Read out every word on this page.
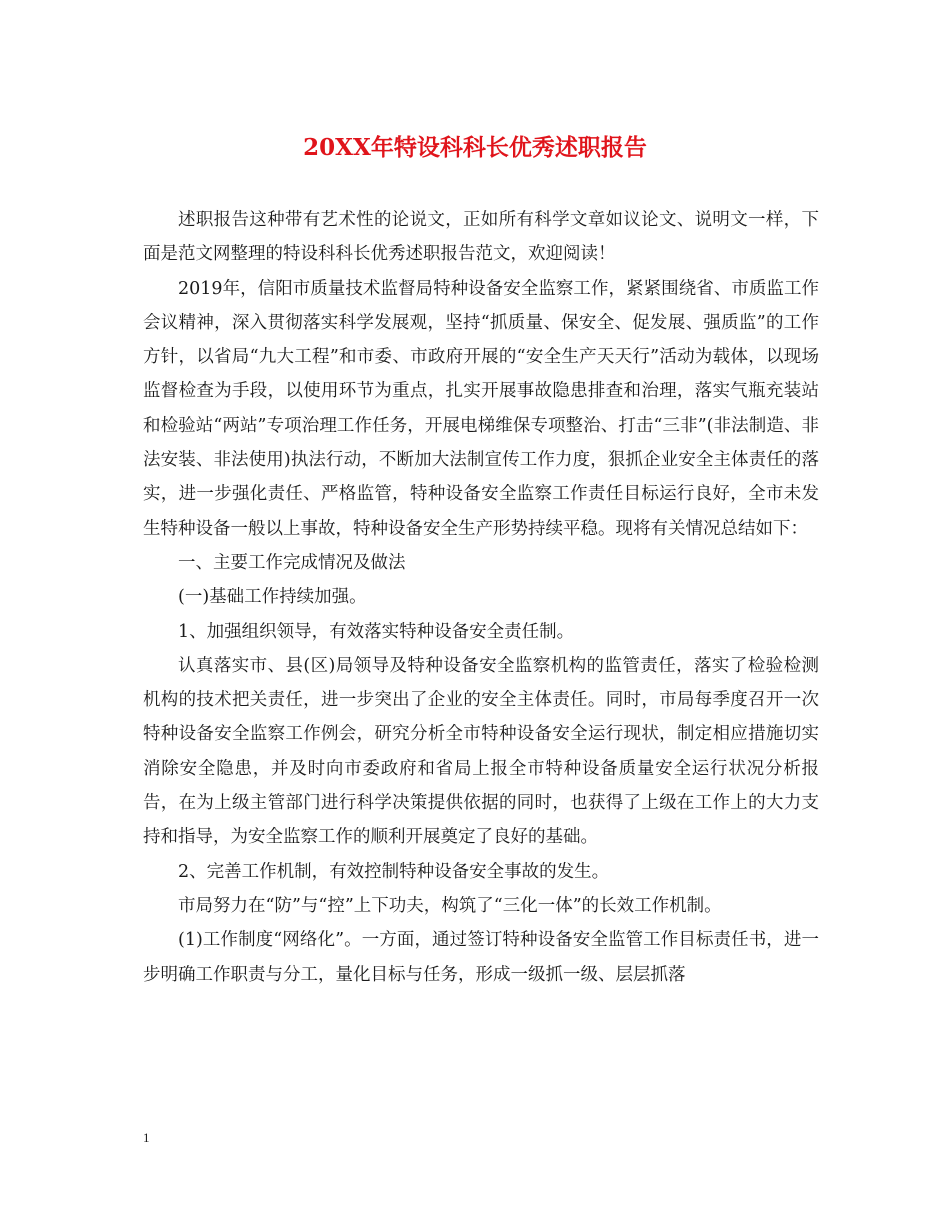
20XX年特设科科长优秀述职报告

述职报告这种带有艺术性的论说文，正如所有科学文章如议论文、说明文一样，下面是范文网整理的特设科科长优秀述职报告范文，欢迎阅读！

2019年，信阳市质量技术监督局特种设备安全监察工作，紧紧围绕省、市质监工作会议精神，深入贯彻落实科学发展观，坚持“抓质量、保安全、促发展、强质监”的工作方针，以省局“九大工程”和市委、市政府开展的“安全生产天天行”活动为载体，以现场监督检查为手段，以使用环节为重点，扎实开展事故隐患排查和治理，落实气瓶充装站和检验站“两站”专项治理工作任务，开展电梯维保专项整治、打击“三非”(非法制造、非法安装、非法使用)执法行动，不断加大法制宣传工作力度，狠抓企业安全主体责任的落实，进一步强化责任、严格监管，特种设备安全监察工作责任目标运行良好，全市未发生特种设备一般以上事故，特种设备安全生产形势持续平稳。现将有关情况总结如下：

一、主要工作完成情况及做法

(一)基础工作持续加强。

1、加强组织领导，有效落实特种设备安全责任制。

认真落实市、县(区)局领导及特种设备安全监察机构的监管责任，落实了检验检测机构的技术把关责任，进一步突出了企业的安全主体责任。同时，市局每季度召开一次特种设备安全监察工作例会，研究分析全市特种设备安全运行现状，制定相应措施切实消除安全隐患，并及时向市委政府和省局上报全市特种设备质量安全运行状况分析报告，在为上级主管部门进行科学决策提供依据的同时，也获得了上级在工作上的大力支持和指导，为安全监察工作的顺利开展奠定了良好的基础。

2、完善工作机制，有效控制特种设备安全事故的发生。

市局努力在“防”与“控”上下功夫，构筑了“三化一体”的长效工作机制。

(1)工作制度“网络化”。一方面，通过签订特种设备安全监管工作目标责任书，进一步明确工作职责与分工，量化目标与任务，形成一级抓一级、层层抓落

1
